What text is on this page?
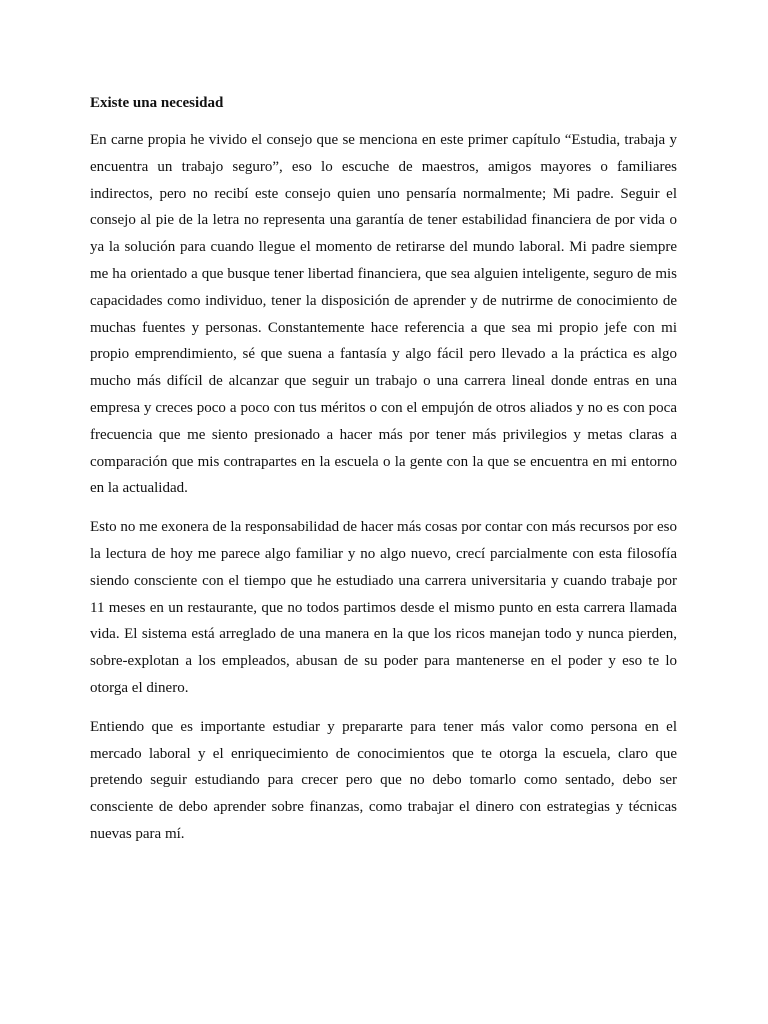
Existe una necesidad

En carne propia he vivido el consejo que se menciona en este primer capítulo “Estudia, trabaja y encuentra un trabajo seguro”, eso lo escuche de maestros, amigos mayores o familiares indirectos, pero no recibí este consejo quien uno pensaría normalmente; Mi padre. Seguir el consejo al pie de la letra no representa una garantía de tener estabilidad financiera de por vida o ya la solución para cuando llegue el momento de retirarse del mundo laboral. Mi padre siempre me ha orientado a que busque tener libertad financiera, que sea alguien inteligente, seguro de mis capacidades como individuo, tener la disposición de aprender y de nutrirme de conocimiento de muchas fuentes y personas. Constantemente hace referencia a que sea mi propio jefe con mi propio emprendimiento, sé que suena a fantasía y algo fácil pero llevado a la práctica es algo mucho más difícil de alcanzar que seguir un trabajo o una carrera lineal donde entras en una empresa y creces poco a poco con tus méritos o con el empujón de otros aliados y no es con poca frecuencia que me siento presionado a hacer más por tener más privilegios y metas claras a comparación que mis contrapartes en la escuela o la gente con la que se encuentra en mi entorno en la actualidad.

Esto no me exonera de la responsabilidad de hacer más cosas por contar con más recursos por eso la lectura de hoy me parece algo familiar y no algo nuevo, crecí parcialmente con esta filosofía siendo consciente con el tiempo que he estudiado una carrera universitaria y cuando trabaje por 11 meses en un restaurante, que no todos partimos desde el mismo punto en esta carrera llamada vida. El sistema está arreglado de una manera en la que los ricos manejan todo y nunca pierden, sobre-explotan a los empleados, abusan de su poder para mantenerse en el poder y eso te lo otorga el dinero.

Entiendo que es importante estudiar y prepararte para tener más valor como persona en el mercado laboral y el enriquecimiento de conocimientos que te otorga la escuela, claro que pretendo seguir estudiando para crecer pero que no debo tomarlo como sentado, debo ser consciente de debo aprender sobre finanzas, como trabajar el dinero con estrategias y técnicas nuevas para mí.
